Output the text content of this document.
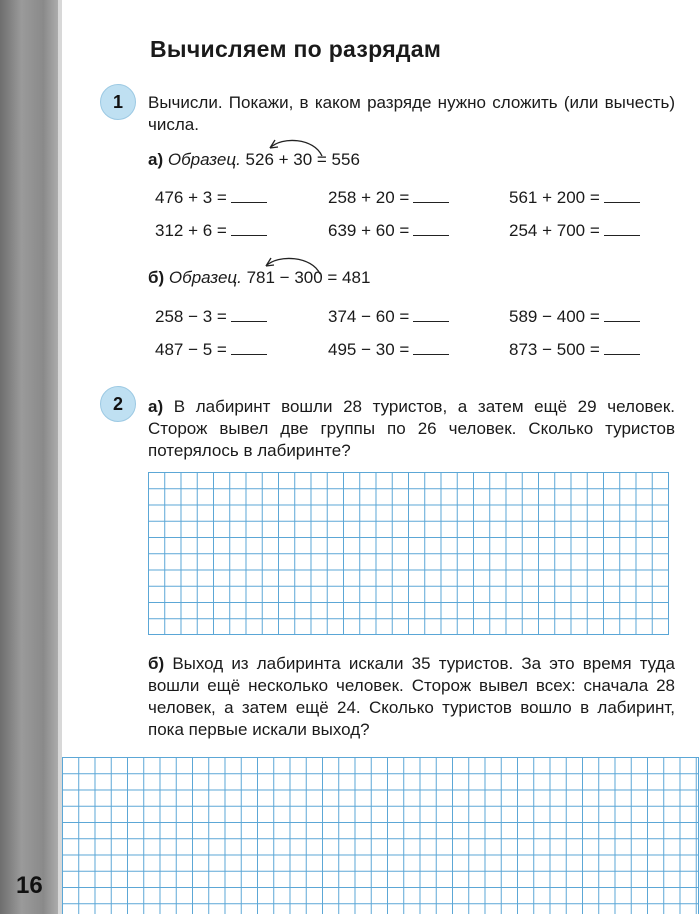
16
Вычисляем по разрядам
1	Вычисли. Покажи, в каком разряде нужно сложить (или вычесть) числа.
а) Образец. 526 + 30 = 556
476 + 3 =	258 + 20 =	561 + 200 =
312 + 6 =	639 + 60 =	254 + 700 =
б) Образец. 781 − 300 = 481
258 − 3 =	374 − 60 =	589 − 400 =
487 − 5 =	495 − 30 =	873 − 500 =
2	а) В лабиринт вошли 28 туристов, а затем ещё 29 человек. Сторож вывел две группы по 26 человек. Сколько туристов потерялось в лабиринте?
б) Выход из лабиринта искали 35 туристов. За это время туда вошли ещё несколько человек. Сторож вывел всех: сначала 28 человек, а затем ещё 24. Сколько туристов вошло в лабиринт, пока первые искали выход?
